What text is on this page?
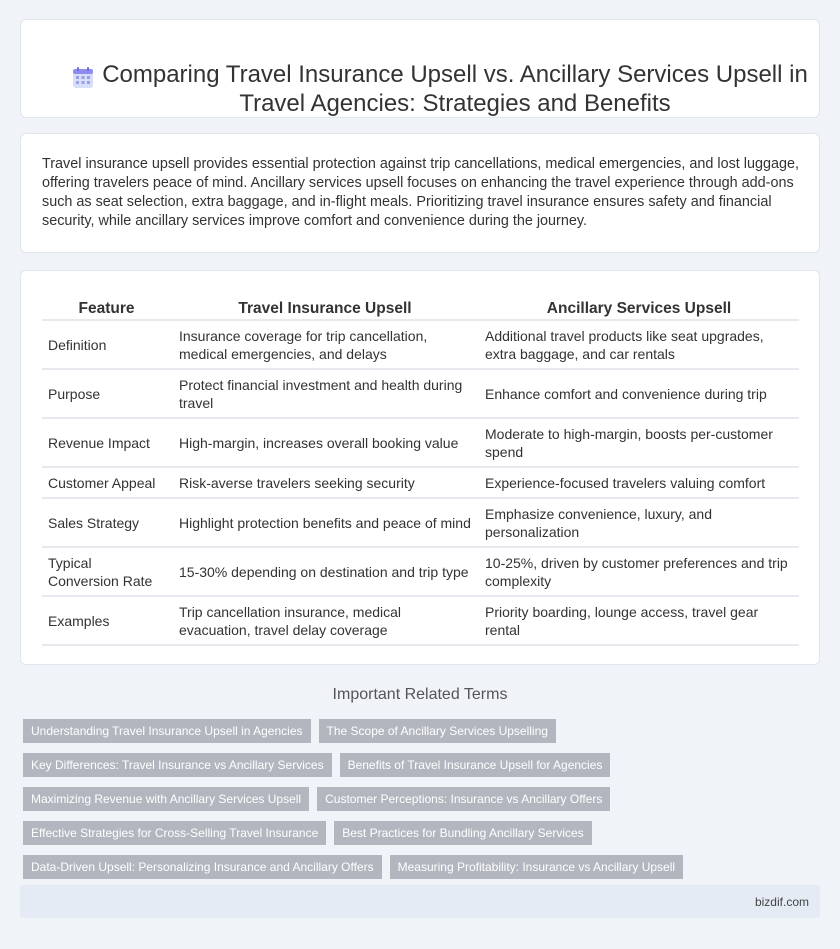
Comparing Travel Insurance Upsell vs. Ancillary Services Upsell in Travel Agencies: Strategies and Benefits

Travel insurance upsell provides essential protection against trip cancellations, medical emergencies, and lost luggage, offering travelers peace of mind. Ancillary services upsell focuses on enhancing the travel experience through add-ons such as seat selection, extra baggage, and in-flight meals. Prioritizing travel insurance ensures safety and financial security, while ancillary services improve comfort and convenience during the journey.

Feature	Travel Insurance Upsell	Ancillary Services Upsell
Definition	Insurance coverage for trip cancellation, medical emergencies, and delays	Additional travel products like seat upgrades, extra baggage, and car rentals
Purpose	Protect financial investment and health during travel	Enhance comfort and convenience during trip
Revenue Impact	High-margin, increases overall booking value	Moderate to high-margin, boosts per-customer spend
Customer Appeal	Risk-averse travelers seeking security	Experience-focused travelers valuing comfort
Sales Strategy	Highlight protection benefits and peace of mind	Emphasize convenience, luxury, and personalization
Typical Conversion Rate	15-30% depending on destination and trip type	10-25%, driven by customer preferences and trip complexity
Examples	Trip cancellation insurance, medical evacuation, travel delay coverage	Priority boarding, lounge access, travel gear rental
Important Related Terms
Understanding Travel Insurance Upsell in Agencies	The Scope of Ancillary Services Upselling
Key Differences: Travel Insurance vs Ancillary Services	Benefits of Travel Insurance Upsell for Agencies
Maximizing Revenue with Ancillary Services Upsell	Customer Perceptions: Insurance vs Ancillary Offers
Effective Strategies for Cross-Selling Travel Insurance	Best Practices for Bundling Ancillary Services
Data-Driven Upsell: Personalizing Insurance and Ancillary Offers	Measuring Profitability: Insurance vs Ancillary Upsell
bizdif.com
